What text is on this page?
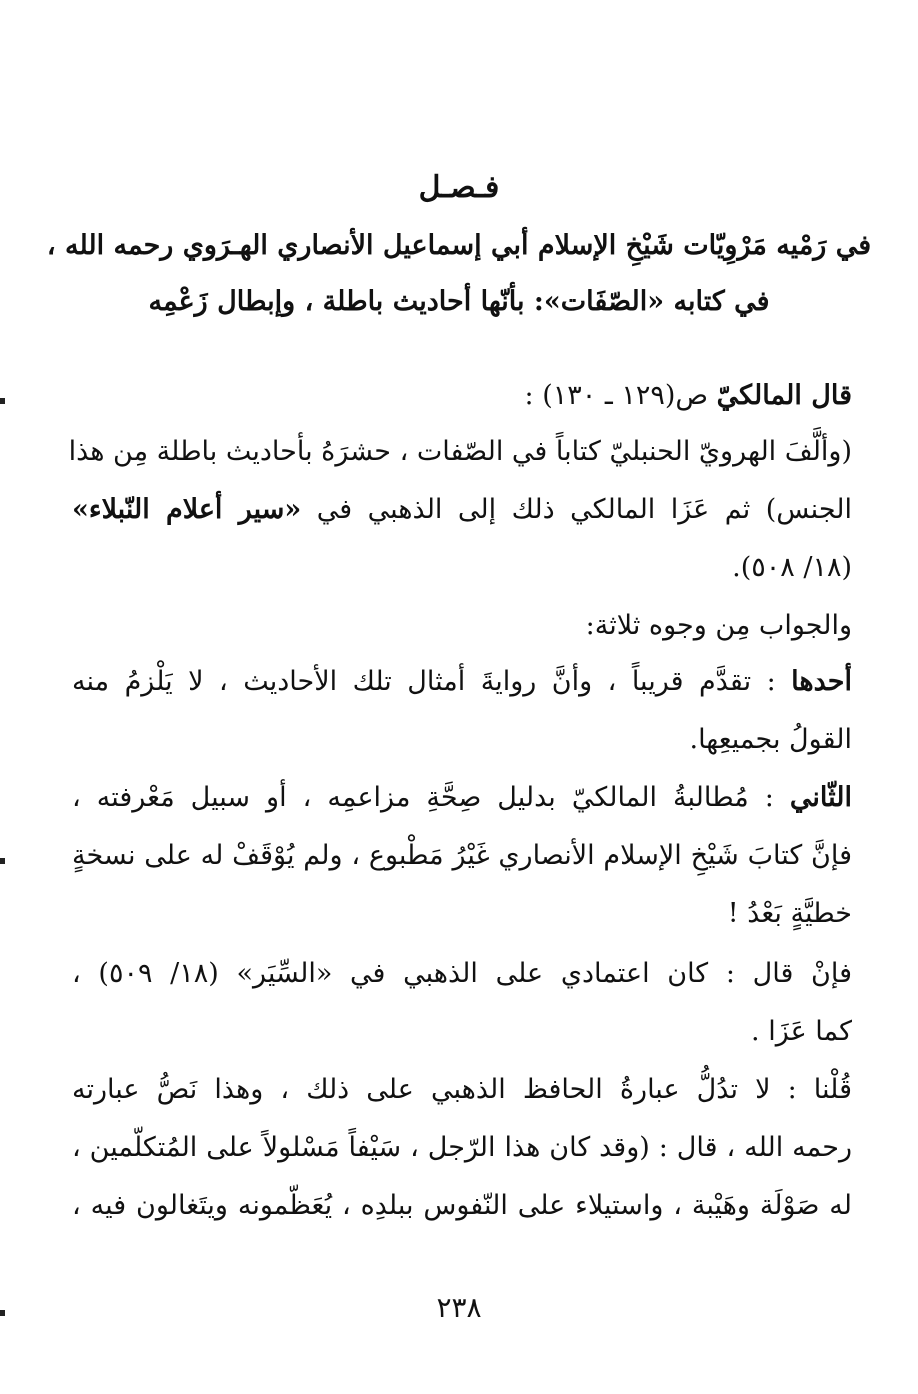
فـصـل
في رَمْيه مَرْوِيّات شَيْخِ الإسلام أبي إسماعيل الأنصاري الهـرَوي رحمه الله ،
في كتابه «الصّفَات»: بأنّها أحاديث باطلة ، وإبطال زَعْمِه
قال المالكيّ ص(١٢٩ ـ ١٣٠) :
(وألَّفَ الهرويّ الحنبليّ كتاباً في الصّفات ، حشرَهُ بأحاديث باطلة مِن هذا
الجنس) ثم عَزَا المالكي ذلك إلى الذهبي في «سير أعلام النّبلاء»
(١٨/ ٥٠٨).
والجواب مِن وجوه ثلاثة:
أحدها : تقدَّم قريباً ، وأنَّ روايةَ أمثال تلك الأحاديث ، لا يَلْزمُ منه
القولُ بجميعِها.
الثّاني : مُطالبةُ المالكيّ بدليل صِحَّةِ مزاعمِه ، أو سبيل مَعْرفته ،
فإنَّ كتابَ شَيْخِ الإسلام الأنصاري غَيْرُ مَطْبوع ، ولم يُوْقَفْ له على نسخةٍ
خطيَّةٍ بَعْدُ !
فإنْ قال : كان اعتمادي على الذهبي في «السِّيَر» (١٨/ ٥٠٩) ،
كما عَزَا .
قُلْنا : لا تدُلُّ عبارةُ الحافظ الذهبي على ذلك ، وهذا نَصُّ عبارته
رحمه الله ، قال : (وقد كان هذا الرّجل ، سَيْفاً مَسْلولاً على المُتكلّمين ،
له صَوْلَة وهَيْبة ، واستيلاء على النّفوس ببلدِه ، يُعَظّمونه ويتَغالون فيه ،
٢٣٨
